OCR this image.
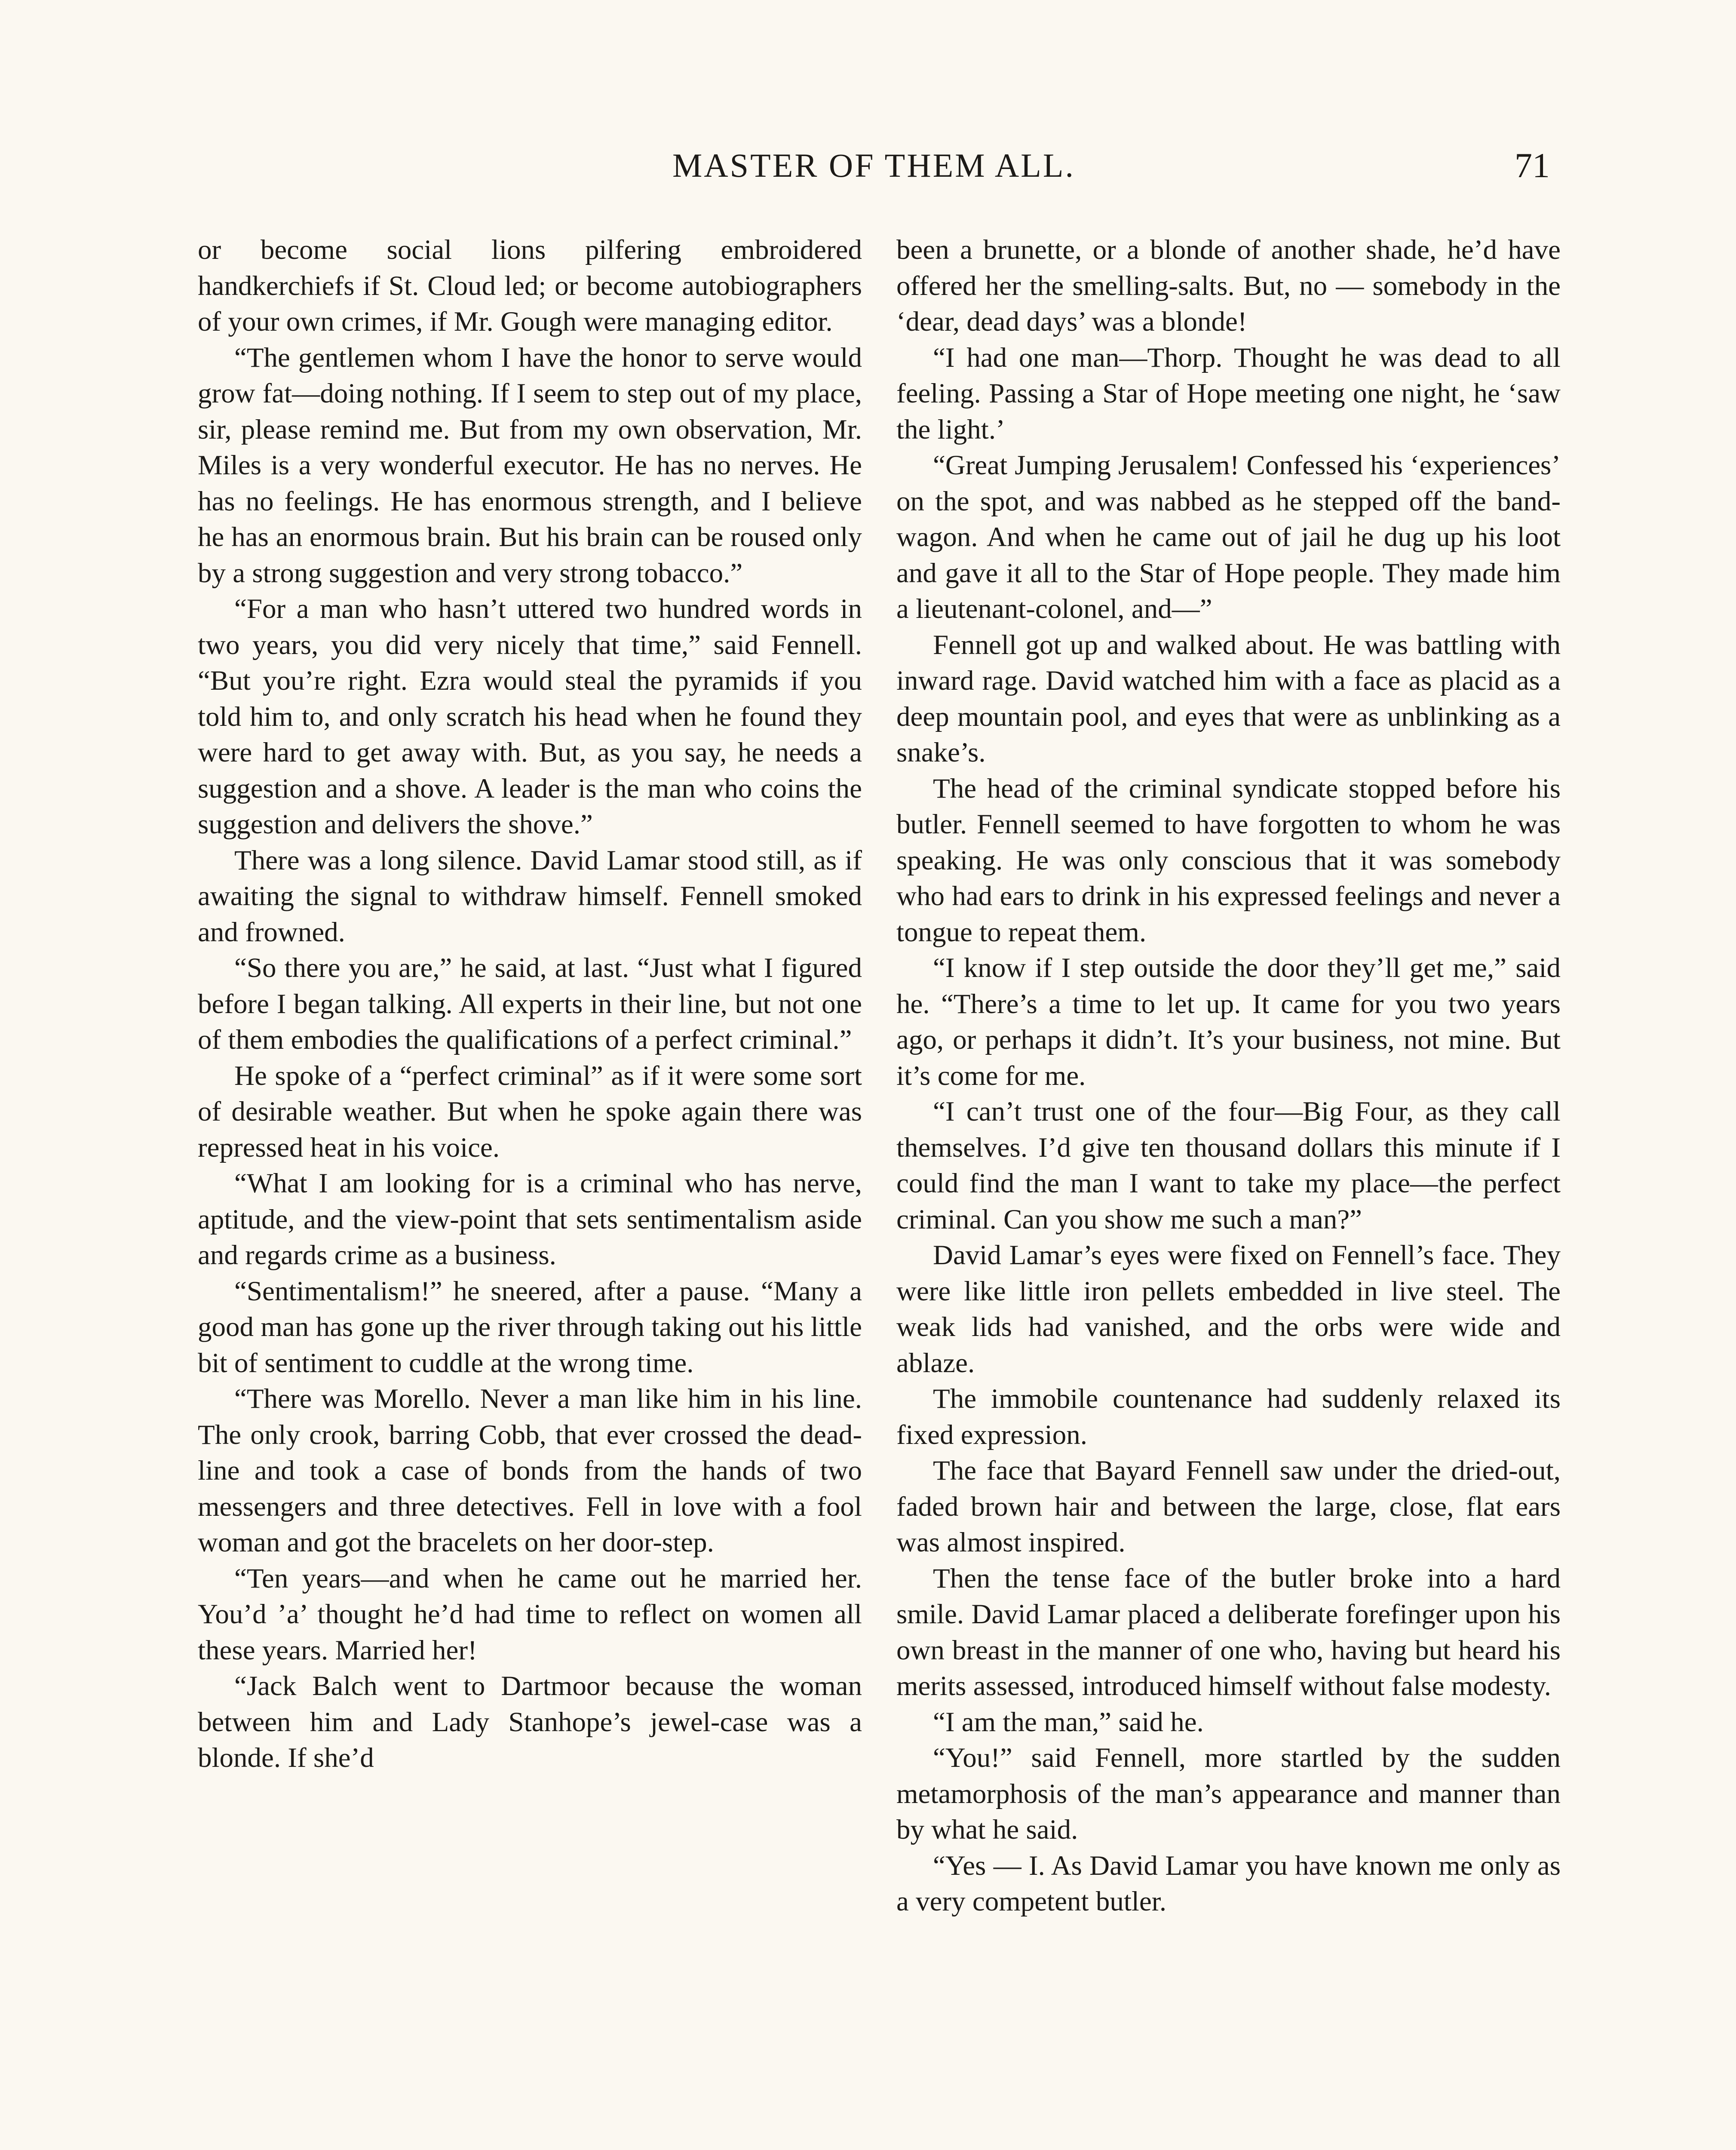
MASTER OF THEM ALL.	71

or become social lions pilfering embroidered handkerchiefs if St. Cloud led; or become autobiographers of your own crimes, if Mr. Gough were managing editor.

“The gentlemen whom I have the honor to serve would grow fat—doing nothing. If I seem to step out of my place, sir, please remind me. But from my own observation, Mr. Miles is a very wonderful executor. He has no nerves. He has no feelings. He has enormous strength, and I believe he has an enormous brain. But his brain can be roused only by a strong suggestion and very strong tobacco.”

“For a man who hasn’t uttered two hundred words in two years, you did very nicely that time,” said Fennell. “But you’re right. Ezra would steal the pyramids if you told him to, and only scratch his head when he found they were hard to get away with. But, as you say, he needs a suggestion and a shove. A leader is the man who coins the suggestion and delivers the shove.”

There was a long silence. David Lamar stood still, as if awaiting the signal to withdraw himself. Fennell smoked and frowned.

“So there you are,” he said, at last. “Just what I figured before I began talking. All experts in their line, but not one of them embodies the qualifications of a perfect criminal.”

He spoke of a “perfect criminal” as if it were some sort of desirable weather. But when he spoke again there was repressed heat in his voice.

“What I am looking for is a criminal who has nerve, aptitude, and the view-point that sets sentimentalism aside and regards crime as a business.

“Sentimentalism!” he sneered, after a pause. “Many a good man has gone up the river through taking out his little bit of sentiment to cuddle at the wrong time.

“There was Morello. Never a man like him in his line. The only crook, barring Cobb, that ever crossed the dead-line and took a case of bonds from the hands of two messengers and three detectives. Fell in love with a fool woman and got the bracelets on her door-step.

“Ten years—and when he came out he married her. You’d ’a’ thought he’d had time to reflect on women all these years. Married her!

“Jack Balch went to Dartmoor because the woman between him and Lady Stanhope’s jewel-case was a blonde. If she’d

been a brunette, or a blonde of another shade, he’d have offered her the smelling-salts. But, no — somebody in the ‘dear, dead days’ was a blonde!

“I had one man—Thorp. Thought he was dead to all feeling. Passing a Star of Hope meeting one night, he ‘saw the light.’

“Great Jumping Jerusalem! Confessed his ‘experiences’ on the spot, and was nabbed as he stepped off the band-wagon. And when he came out of jail he dug up his loot and gave it all to the Star of Hope people. They made him a lieutenant-colonel, and—”

Fennell got up and walked about. He was battling with inward rage. David watched him with a face as placid as a deep mountain pool, and eyes that were as unblinking as a snake’s.

The head of the criminal syndicate stopped before his butler. Fennell seemed to have forgotten to whom he was speaking. He was only conscious that it was somebody who had ears to drink in his expressed feelings and never a tongue to repeat them.

“I know if I step outside the door they’ll get me,” said he. “There’s a time to let up. It came for you two years ago, or perhaps it didn’t. It’s your business, not mine. But it’s come for me.

“I can’t trust one of the four—Big Four, as they call themselves. I’d give ten thousand dollars this minute if I could find the man I want to take my place—the perfect criminal. Can you show me such a man?”

David Lamar’s eyes were fixed on Fennell’s face. They were like little iron pellets embedded in live steel. The weak lids had vanished, and the orbs were wide and ablaze.

The immobile countenance had suddenly relaxed its fixed expression.

The face that Bayard Fennell saw under the dried-out, faded brown hair and between the large, close, flat ears was almost inspired.

Then the tense face of the butler broke into a hard smile. David Lamar placed a deliberate forefinger upon his own breast in the manner of one who, having but heard his merits assessed, introduced himself without false modesty.

“I am the man,” said he.

“You!” said Fennell, more startled by the sudden metamorphosis of the man’s appearance and manner than by what he said.

“Yes — I. As David Lamar you have known me only as a very competent butler.
